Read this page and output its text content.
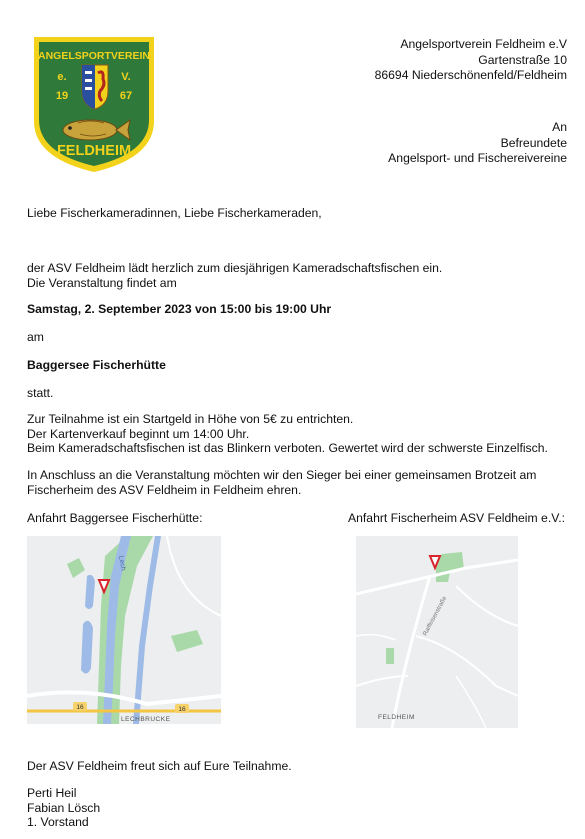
ANGELSPORTVEREIN
e.	V.
19	67
FELDHEIM
Angelsportverein Feldheim e.V
Gartenstraße 10
86694 Niederschönenfeld/Feldheim
An
Befreundete
Angelsport- und Fischereivereine
Liebe Fischerkameradinnen, Liebe Fischerkameraden,
der ASV Feldheim lädt herzlich zum diesjährigen Kameradschaftsfischen ein.
Die Veranstaltung findet am
Samstag, 2. September 2023 von 15:00 bis 19:00 Uhr
am
Baggersee Fischerhütte
statt.
Zur Teilnahme ist ein Startgeld in Höhe von 5€ zu entrichten.
Der Kartenverkauf beginnt um 14:00 Uhr.
Beim Kameradschaftsfischen ist das Blinkern verboten. Gewertet wird der schwerste Einzelfisch.
In Anschluss an die Veranstaltung möchten wir den Sieger bei einer gemeinsamen Brotzeit am
Fischerheim des ASV Feldheim in Feldheim ehren.
Anfahrt Baggersee Fischerhütte:	Anfahrt Fischerheim ASV Feldheim e.V.:
16	16
Lech
LECHBRUCKE
Raiffeisenstraße
FELDHEIM
Der ASV Feldheim freut sich auf Eure Teilnahme.
Perti Heil
Fabian Lösch
1. Vorstand
